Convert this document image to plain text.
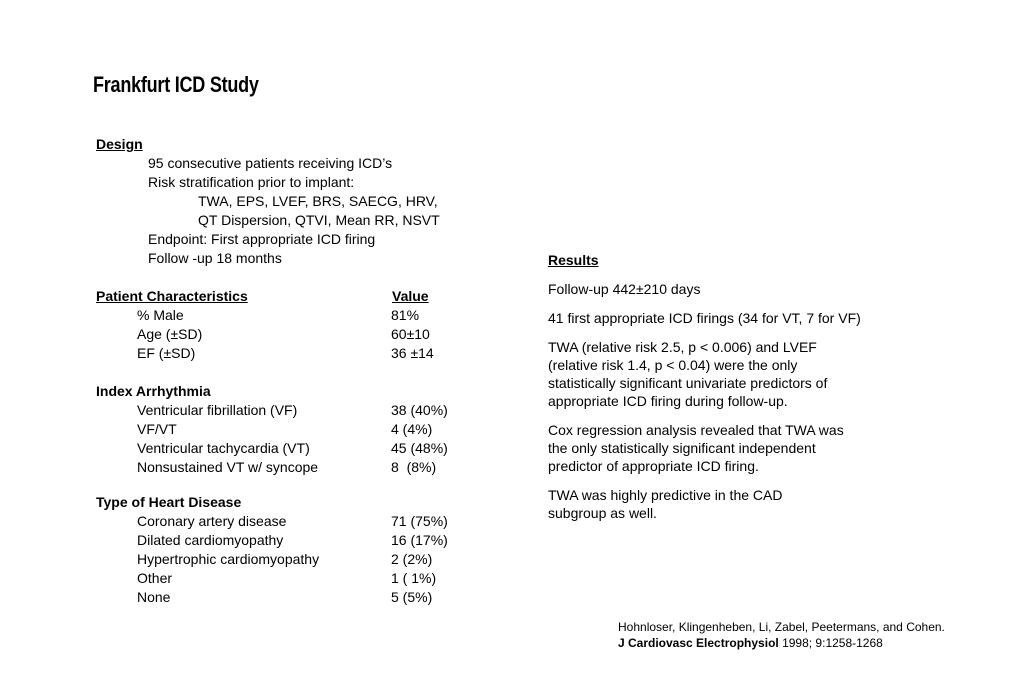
Frankfurt ICD Study
Design
95 consecutive patients receiving ICD’s
Risk stratification prior to implant:
TWA, EPS, LVEF, BRS, SAECG, HRV,
QT Dispersion, QTVI, Mean RR, NSVT
Endpoint: First appropriate ICD firing
Follow -up 18 months
Patient Characteristics	Value
% Male	81%
Age (±SD)	60±10
EF (±SD)	36 ±14
Index Arrhythmia
Ventricular fibrillation (VF)	38 (40%)
VF/VT	4 (4%)
Ventricular tachycardia (VT)	45 (48%)
Nonsustained VT w/ syncope	8  (8%)
Type of Heart Disease
Coronary artery disease	71 (75%)
Dilated cardiomyopathy	16 (17%)
Hypertrophic cardiomyopathy	2 (2%)
Other	1 ( 1%)
None	5 (5%)

Results

Follow-up 442±210 days

41 first appropriate ICD firings (34 for VT, 7 for VF)

TWA (relative risk 2.5, p < 0.006) and LVEF (relative risk 1.4, p < 0.04) were the only statistically significant univariate predictors of appropriate ICD firing during follow-up.

Cox regression analysis revealed that TWA was the only statistically significant independent predictor of appropriate ICD firing.

TWA was highly predictive in the CAD subgroup as well.

Hohnloser, Klingenheben, Li, Zabel, Peetermans, and Cohen.
J Cardiovasc Electrophysiol 1998; 9:1258-1268
